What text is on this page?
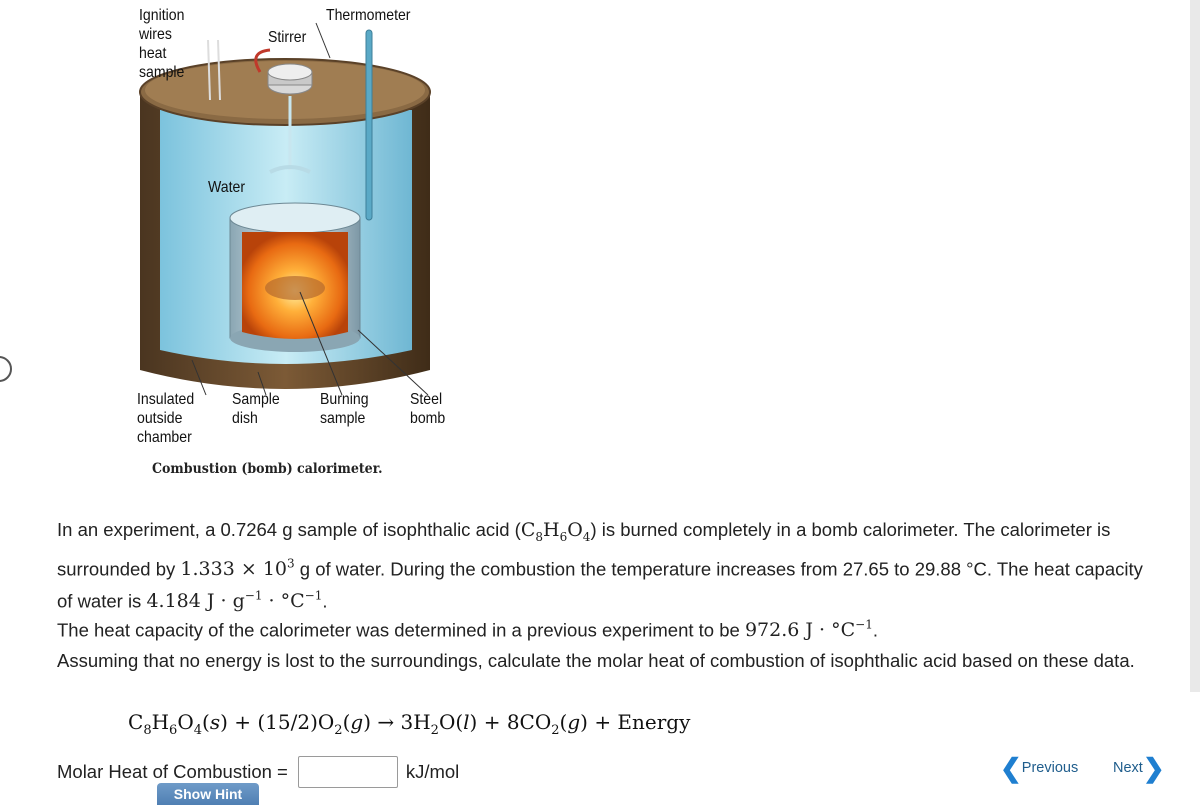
Ignition
wires
heat
sample
Thermometer
Stirrer
Water
Insulated
outside
chamber
Sample
dish
Burning
sample
Steel
bomb
Combustion (bomb) calorimeter.
In an experiment, a 0.7264 g sample of isophthalic acid $(C_8H_6O_4)$ is burned completely in a bomb calorimeter. The calorimeter is surrounded by $1.333 \times 10^3$ g of water. During the combustion the temperature increases from 27.65 to 29.88 °C. The heat capacity of water is 4.184 $J \cdot g^{-1} \cdot ^\circ C^{-1}$.
The heat capacity of the calorimeter was determined in a previous experiment to be 972.6 $J \cdot ^\circ C^{-1}$.
Assuming that no energy is lost to the surroundings, calculate the molar heat of combustion of isophthalic acid based on these data.
$C_8H_6O_4(s) + (15/2)O_2(g) \to 3H_2O(l) + 8CO_2(g)$ + Energy
Molar Heat of Combustion =	kJ/mol
Show Hint
❮ Previous Next ❯
